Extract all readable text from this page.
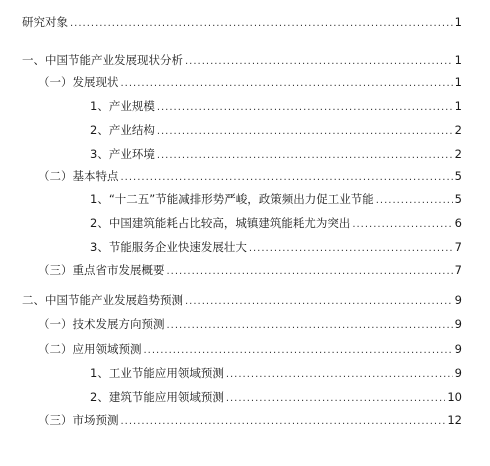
研究对象 .....	1
一、中国节能产业发展现状分析 .....	1
（一）发展现状 .....	1
1、产业规模 .....	1
2、产业结构 .....	2
3、产业环境 .....	2
（二）基本特点 .....	5
1、“十二五”节能减排形势严峻，政策频出力促工业节能 .....	5
2、中国建筑能耗占比较高，城镇建筑能耗尤为突出 .....	6
3、节能服务企业快速发展壮大 .....	7
（三）重点省市发展概要 .....	7
二、中国节能产业发展趋势预测 .....	9
（一）技术发展方向预测 .....	9
（二）应用领域预测 .....	9
1、工业节能应用领域预测 .....	9
2、建筑节能应用领域预测 .....	10
（三）市场预测 .....	12
